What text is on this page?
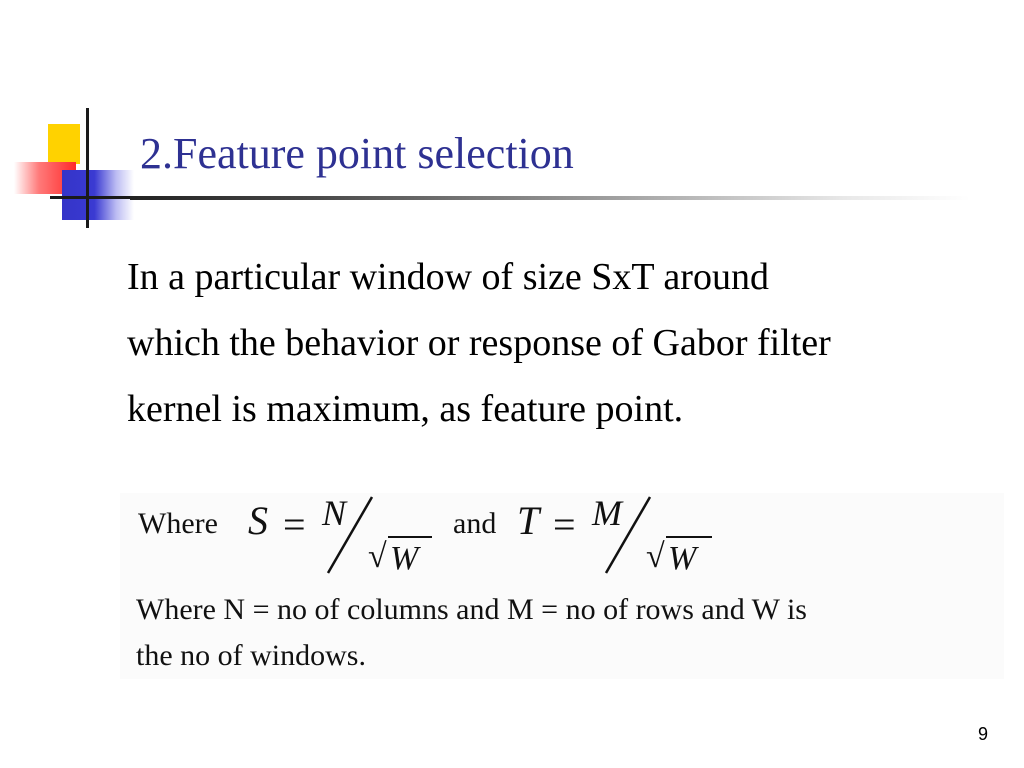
2.Feature point selection
In a particular window of size SxT around
which the behavior or response of Gabor filter
kernel is maximum, as feature point.
Where S = N
√ W
and T = M
√ W
Where N = no of columns and M = no of rows and W is
the no of windows.
9
